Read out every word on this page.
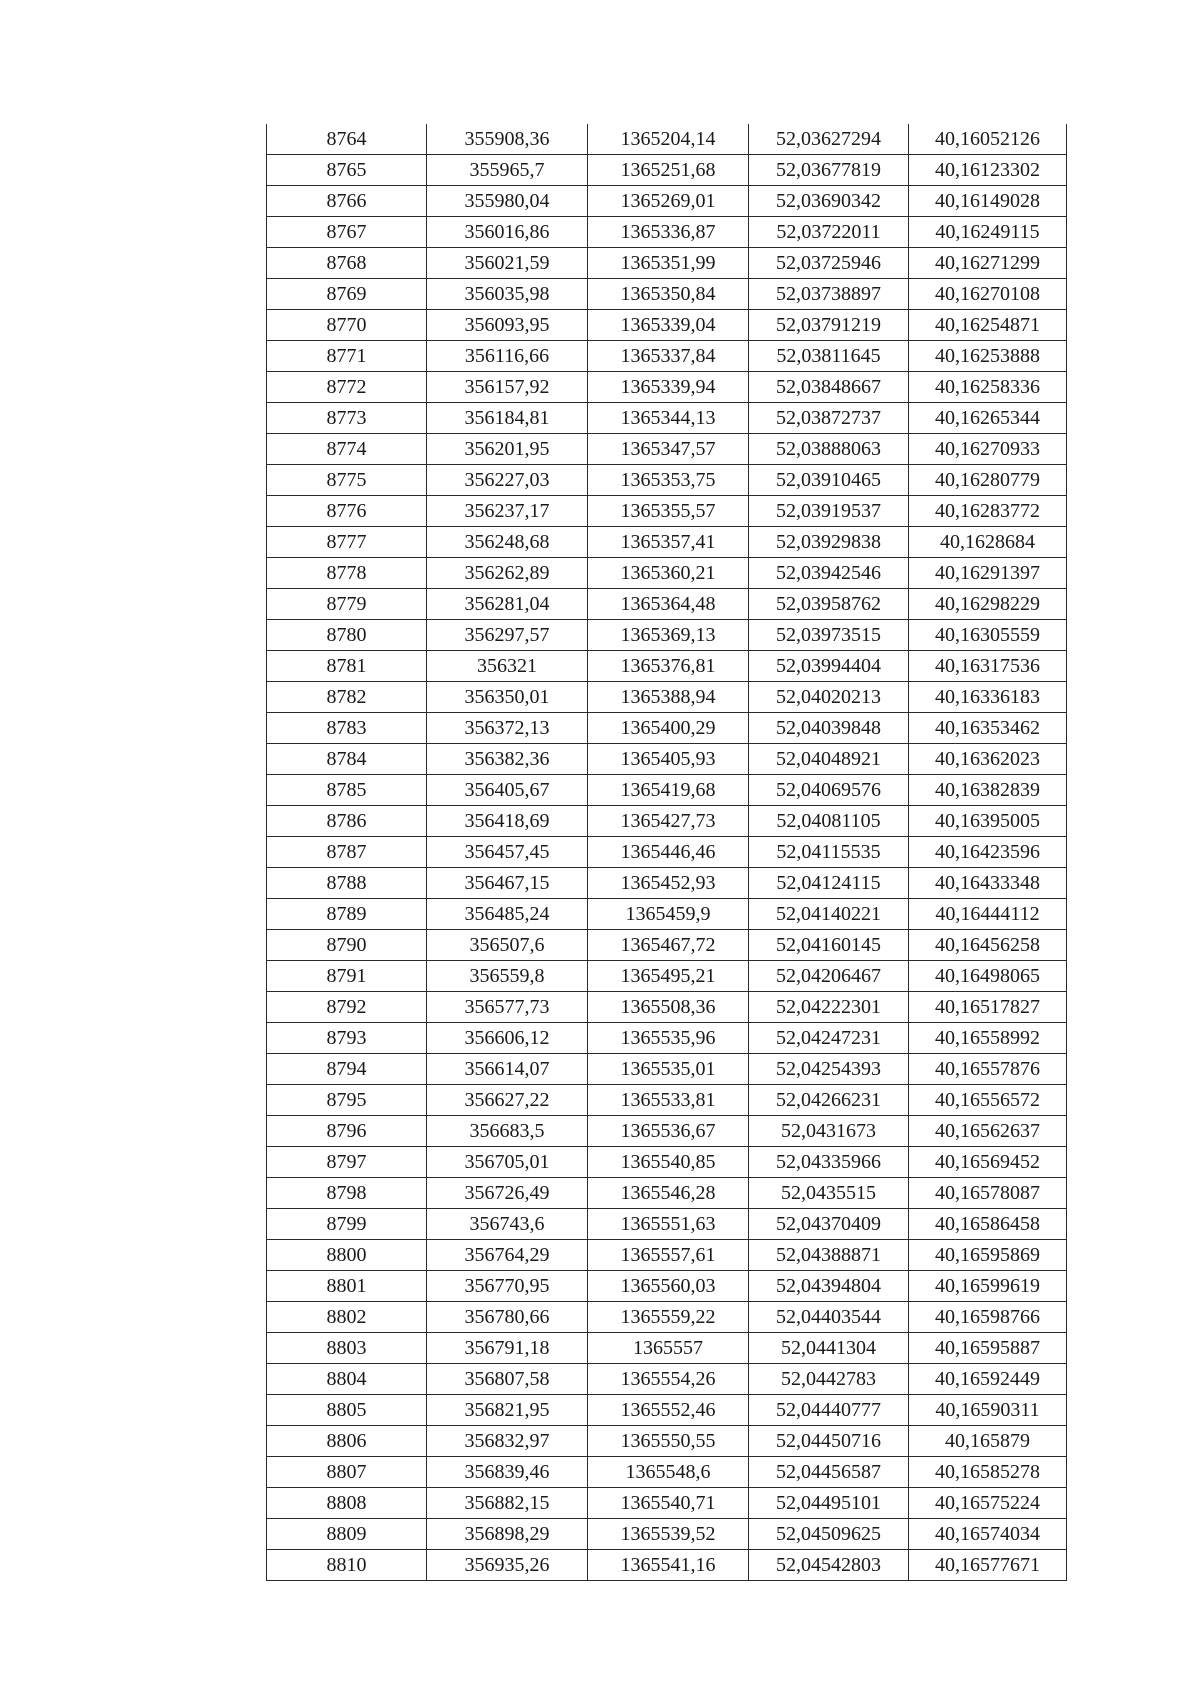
8764	355908,36	1365204,14	52,03627294	40,16052126
8765	355965,7	1365251,68	52,03677819	40,16123302
8766	355980,04	1365269,01	52,03690342	40,16149028
8767	356016,86	1365336,87	52,03722011	40,16249115
8768	356021,59	1365351,99	52,03725946	40,16271299
8769	356035,98	1365350,84	52,03738897	40,16270108
8770	356093,95	1365339,04	52,03791219	40,16254871
8771	356116,66	1365337,84	52,03811645	40,16253888
8772	356157,92	1365339,94	52,03848667	40,16258336
8773	356184,81	1365344,13	52,03872737	40,16265344
8774	356201,95	1365347,57	52,03888063	40,16270933
8775	356227,03	1365353,75	52,03910465	40,16280779
8776	356237,17	1365355,57	52,03919537	40,16283772
8777	356248,68	1365357,41	52,03929838	40,1628684
8778	356262,89	1365360,21	52,03942546	40,16291397
8779	356281,04	1365364,48	52,03958762	40,16298229
8780	356297,57	1365369,13	52,03973515	40,16305559
8781	356321	1365376,81	52,03994404	40,16317536
8782	356350,01	1365388,94	52,04020213	40,16336183
8783	356372,13	1365400,29	52,04039848	40,16353462
8784	356382,36	1365405,93	52,04048921	40,16362023
8785	356405,67	1365419,68	52,04069576	40,16382839
8786	356418,69	1365427,73	52,04081105	40,16395005
8787	356457,45	1365446,46	52,04115535	40,16423596
8788	356467,15	1365452,93	52,04124115	40,16433348
8789	356485,24	1365459,9	52,04140221	40,16444112
8790	356507,6	1365467,72	52,04160145	40,16456258
8791	356559,8	1365495,21	52,04206467	40,16498065
8792	356577,73	1365508,36	52,04222301	40,16517827
8793	356606,12	1365535,96	52,04247231	40,16558992
8794	356614,07	1365535,01	52,04254393	40,16557876
8795	356627,22	1365533,81	52,04266231	40,16556572
8796	356683,5	1365536,67	52,0431673	40,16562637
8797	356705,01	1365540,85	52,04335966	40,16569452
8798	356726,49	1365546,28	52,0435515	40,16578087
8799	356743,6	1365551,63	52,04370409	40,16586458
8800	356764,29	1365557,61	52,04388871	40,16595869
8801	356770,95	1365560,03	52,04394804	40,16599619
8802	356780,66	1365559,22	52,04403544	40,16598766
8803	356791,18	1365557	52,0441304	40,16595887
8804	356807,58	1365554,26	52,0442783	40,16592449
8805	356821,95	1365552,46	52,04440777	40,16590311
8806	356832,97	1365550,55	52,04450716	40,165879
8807	356839,46	1365548,6	52,04456587	40,16585278
8808	356882,15	1365540,71	52,04495101	40,16575224
8809	356898,29	1365539,52	52,04509625	40,16574034
8810	356935,26	1365541,16	52,04542803	40,16577671
